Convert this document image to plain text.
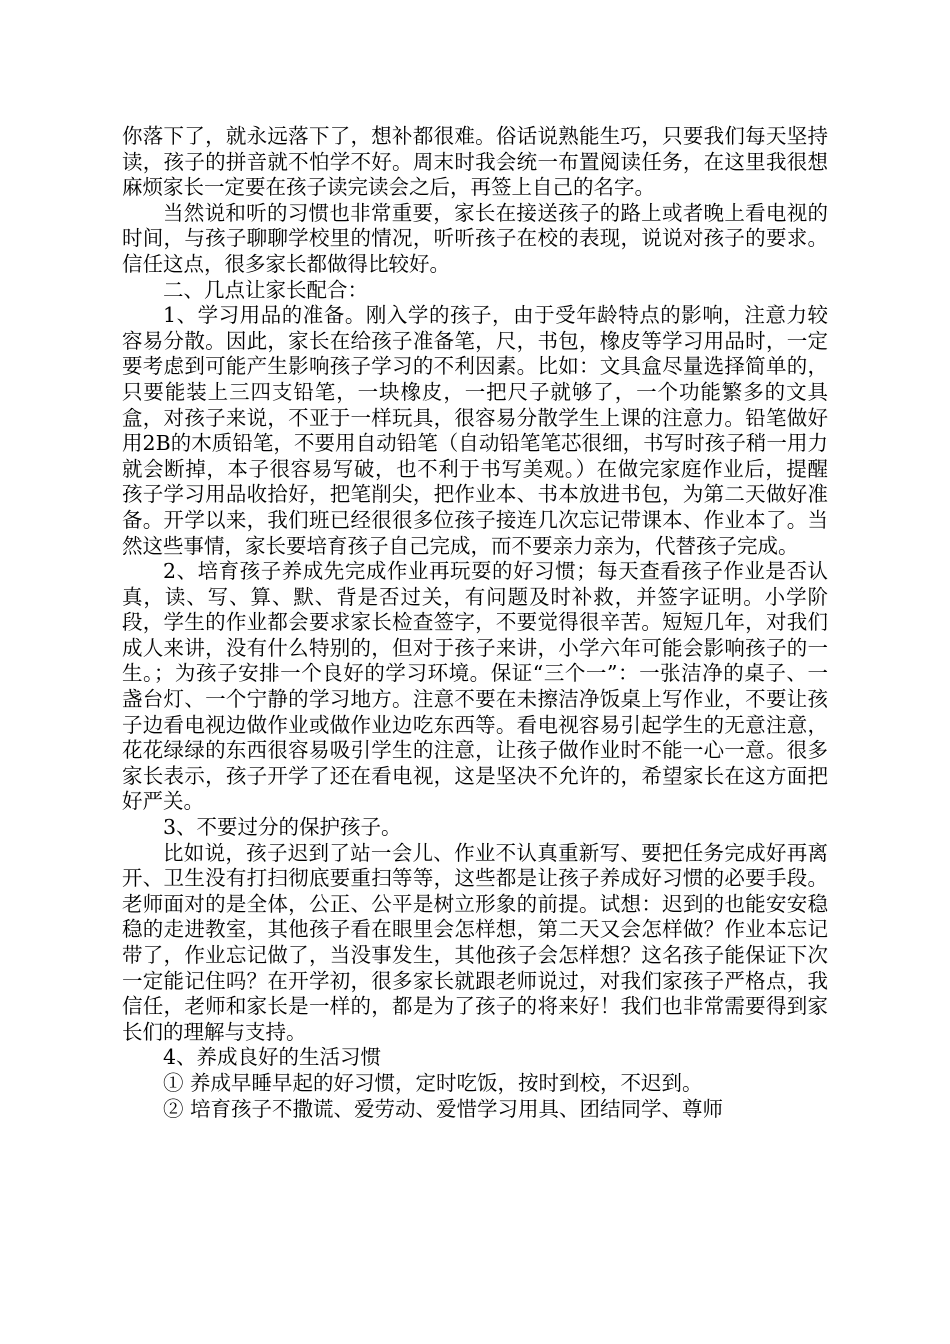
你落下了，就永远落下了，想补都很难。俗话说熟能生巧，只要我们每天坚持读，孩子的拼音就不怕学不好。周末时我会统一布置阅读任务，在这里我很想麻烦家长一定要在孩子读完读会之后，再签上自己的名字。

当然说和听的习惯也非常重要，家长在接送孩子的路上或者晚上看电视的时间，与孩子聊聊学校里的情况，听听孩子在校的表现，说说对孩子的要求。信任这点，很多家长都做得比较好。

二、几点让家长配合：

1、学习用品的准备。刚入学的孩子，由于受年龄特点的影响，注意力较容易分散。因此，家长在给孩子准备笔，尺，书包，橡皮等学习用品时，一定要考虑到可能产生影响孩子学习的不利因素。比如：文具盒尽量选择简单的，只要能装上三四支铅笔，一块橡皮，一把尺子就够了，一个功能繁多的文具盒，对孩子来说，不亚于一样玩具，很容易分散学生上课的注意力。铅笔做好用2B的木质铅笔，不要用自动铅笔（自动铅笔笔芯很细，书写时孩子稍一用力就会断掉，本子很容易写破，也不利于书写美观。）在做完家庭作业后，提醒孩子学习用品收拾好，把笔削尖，把作业本、书本放进书包，为第二天做好准备。开学以来，我们班已经很很多位孩子接连几次忘记带课本、作业本了。当然这些事情，家长要培育孩子自己完成，而不要亲力亲为，代替孩子完成。

2、培育孩子养成先完成作业再玩耍的好习惯；每天查看孩子作业是否认真，读、写、算、默、背是否过关，有问题及时补救，并签字证明。小学阶段，学生的作业都会要求家长检查签字，不要觉得很辛苦。短短几年，对我们成人来讲，没有什么特别的，但对于孩子来讲，小学六年可能会影响孩子的一生。；为孩子安排一个良好的学习环境。保证“三个一”：一张洁净的桌子、一盏台灯、一个宁静的学习地方。注意不要在未擦洁净饭桌上写作业，不要让孩子边看电视边做作业或做作业边吃东西等。看电视容易引起学生的无意注意，花花绿绿的东西很容易吸引学生的注意，让孩子做作业时不能一心一意。很多家长表示，孩子开学了还在看电视，这是坚决不允许的，希望家长在这方面把好严关。

3、不要过分的保护孩子。

比如说，孩子迟到了站一会儿、作业不认真重新写、要把任务完成好再离开、卫生没有打扫彻底要重扫等等，这些都是让孩子养成好习惯的必要手段。老师面对的是全体，公正、公平是树立形象的前提。试想：迟到的也能安安稳稳的走进教室，其他孩子看在眼里会怎样想，第二天又会怎样做？作业本忘记带了，作业忘记做了，当没事发生，其他孩子会怎样想？这名孩子能保证下次一定能记住吗？在开学初，很多家长就跟老师说过，对我们家孩子严格点，我信任，老师和家长是一样的，都是为了孩子的将来好！我们也非常需要得到家长们的理解与支持。

4、养成良好的生活习惯

① 养成早睡早起的好习惯，定时吃饭，按时到校，不迟到。

② 培育孩子不撒谎、爱劳动、爱惜学习用具、团结同学、尊师
